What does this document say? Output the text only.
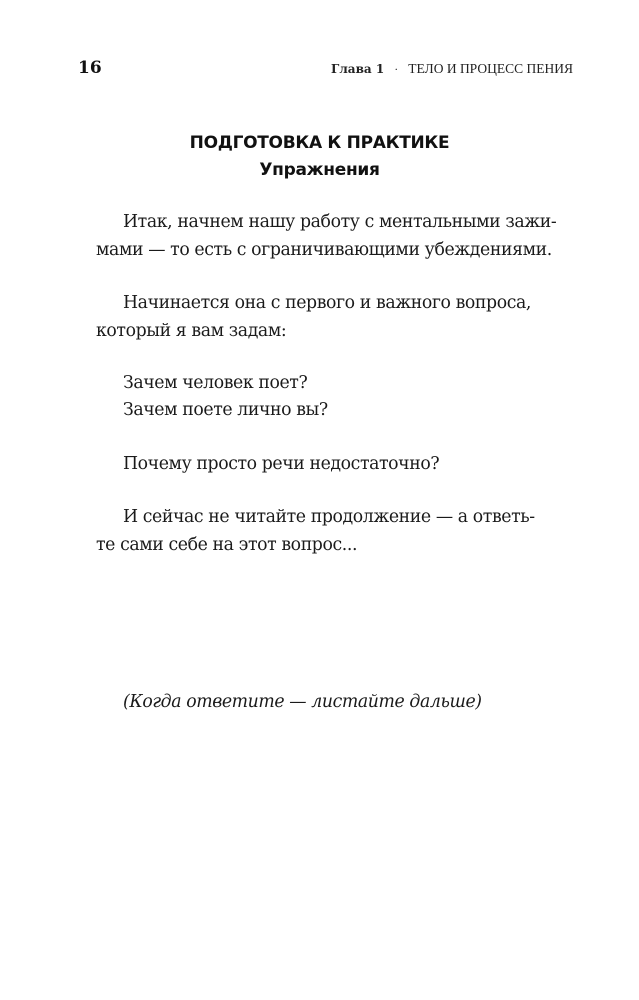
16	Глава 1 · ТЕЛО И ПРОЦЕСС ПЕНИЯ
ПОДГОТОВКА К ПРАКТИКЕ
Упражнения
Итак, начнем нашу работу с ментальными зажи-
мами — то есть с ограничивающими убеждениями.
Начинается она с первого и важного вопроса,
который я вам задам:
Зачем человек поет?
Зачем поете лично вы?
Почему просто речи недостаточно?
И сейчас не читайте продолжение — а ответь-
те сами себе на этот вопрос...
(Когда ответите — листайте дальше)
